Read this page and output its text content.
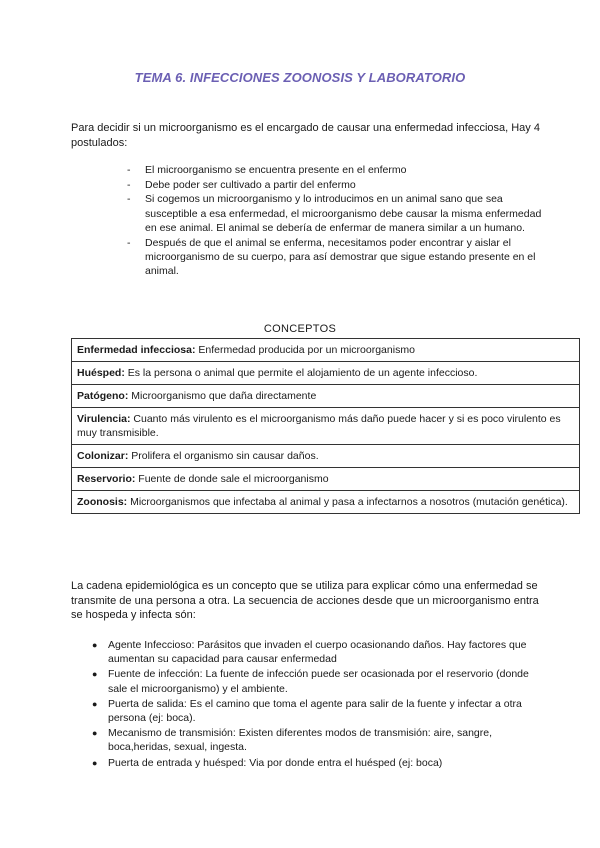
TEMA 6. INFECCIONES ZOONOSIS Y LABORATORIO
Para decidir si un microorganismo es el encargado de causar una enfermedad infecciosa, Hay 4 postulados:
- El microorganismo se encuentra presente en el enfermo
- Debe poder ser cultivado a partir del enfermo
- Si cogemos un microorganismo y lo introducimos en un animal sano que sea susceptible a esa enfermedad, el microorganismo debe causar la misma enfermedad en ese animal. El animal se debería de enfermar de manera similar a un humano.
- Después de que el animal se enferma, necesitamos poder encontrar y aislar el microorganismo de su cuerpo, para así demostrar que sigue estando presente en el animal.
CONCEPTOS
Enfermedad infecciosa: Enfermedad producida por un microorganismo
Huésped: Es la persona o animal que permite el alojamiento de un agente infeccioso.
Patógeno: Microorganismo que daña directamente
Virulencia: Cuanto más virulento es el microorganismo más daño puede hacer y si es poco virulento es muy transmisible.
Colonizar: Prolifera el organismo sin causar daños.
Reservorio: Fuente de donde sale el microorganismo
Zoonosis: Microorganismos que infectaba al animal y pasa a infectarnos a nosotros (mutación genética).
La cadena epidemiológica es un concepto que se utiliza para explicar cómo una enfermedad se transmite de una persona a otra. La secuencia de acciones desde que un microorganismo entra se hospeda y infecta són:
● Agente Infeccioso: Parásitos que invaden el cuerpo ocasionando daños. Hay factores que aumentan su capacidad para causar enfermedad
● Fuente de infección: La fuente de infección puede ser ocasionada por el reservorio (donde sale el microorganismo) y el ambiente.
● Puerta de salida: Es el camino que toma el agente para salir de la fuente y infectar a otra persona (ej: boca).
● Mecanismo de transmisión: Existen diferentes modos de transmisión: aire, sangre, boca,heridas, sexual, ingesta.
● Puerta de entrada y huésped: Via por donde entra el huésped (ej: boca)
